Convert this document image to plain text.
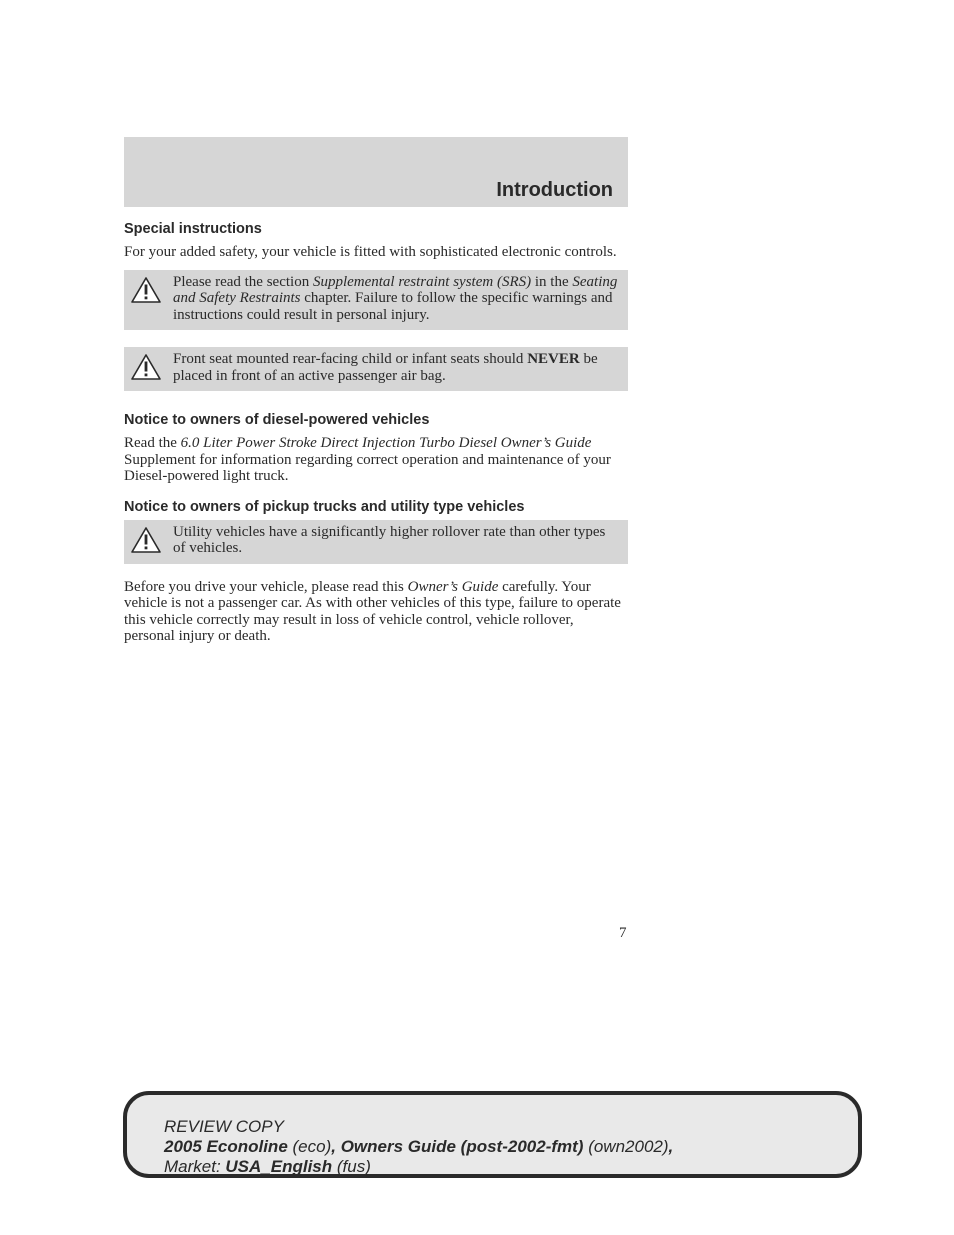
Introduction
Special instructions

For your added safety, your vehicle is fitted with sophisticated electronic controls.

Please read the section Supplemental restraint system (SRS) in the Seating and Safety Restraints chapter. Failure to follow the specific warnings and instructions could result in personal injury.
Front seat mounted rear-facing child or infant seats should NEVER be placed in front of an active passenger air bag.
Notice to owners of diesel-powered vehicles

Read the 6.0 Liter Power Stroke Direct Injection Turbo Diesel Owner’s Guide Supplement for information regarding correct operation and maintenance of your Diesel-powered light truck.

Notice to owners of pickup trucks and utility type vehicles
Utility vehicles have a significantly higher rollover rate than other types of vehicles.

Before you drive your vehicle, please read this Owner’s Guide carefully. Your vehicle is not a passenger car. As with other vehicles of this type, failure to operate this vehicle correctly may result in loss of vehicle control, vehicle rollover, personal injury or death.

7
REVIEW COPY
2005 Econoline (eco), Owners Guide (post-2002-fmt) (own2002),
Market: USA_English (fus)
